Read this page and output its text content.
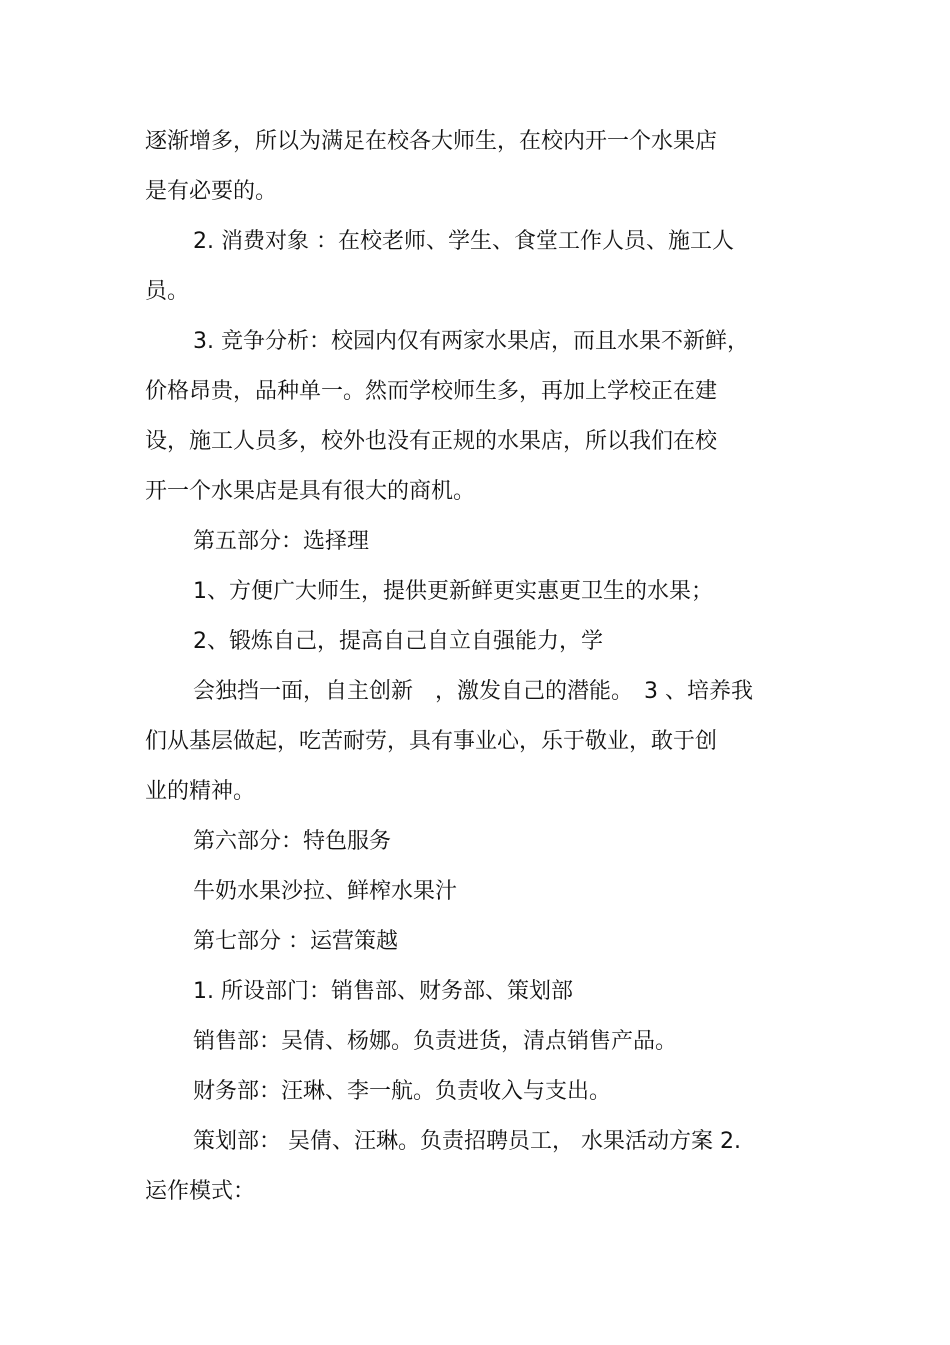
逐渐增多，所以为满足在校各大师生，在校内开一个水果店
是有必要的。
2. 消费对象 ：在校老师、学生、食堂工作人员、施工人
员。
3. 竞争分析：校园内仅有两家水果店，而且水果不新鲜，
价格昂贵，品种单一。然而学校师生多，再加上学校正在建
设，施工人员多，校外也没有正规的水果店，所以我们在校
开一个水果店是具有很大的商机。
第五部分：选择理
1、方便广大师生，提供更新鲜更实惠更卫生的水果；
2、锻炼自己，提高自己自立自强能力，学
会独挡一面，自主创新　，激发自己的潜能。　3 、培养我
们从基层做起，吃苦耐劳，具有事业心，乐于敬业，敢于创
业的精神。
第六部分：特色服务
牛奶水果沙拉、鲜榨水果汁
第七部分 ：运营策越
1. 所设部门：销售部、财务部、策划部
销售部：吴倩、杨娜。负责进货，清点销售产品。
财务部：汪琳、李一航。负责收入与支出。
策划部： 吴倩、汪琳。负责招聘员工， 水果活动方案 2.
运作模式：
